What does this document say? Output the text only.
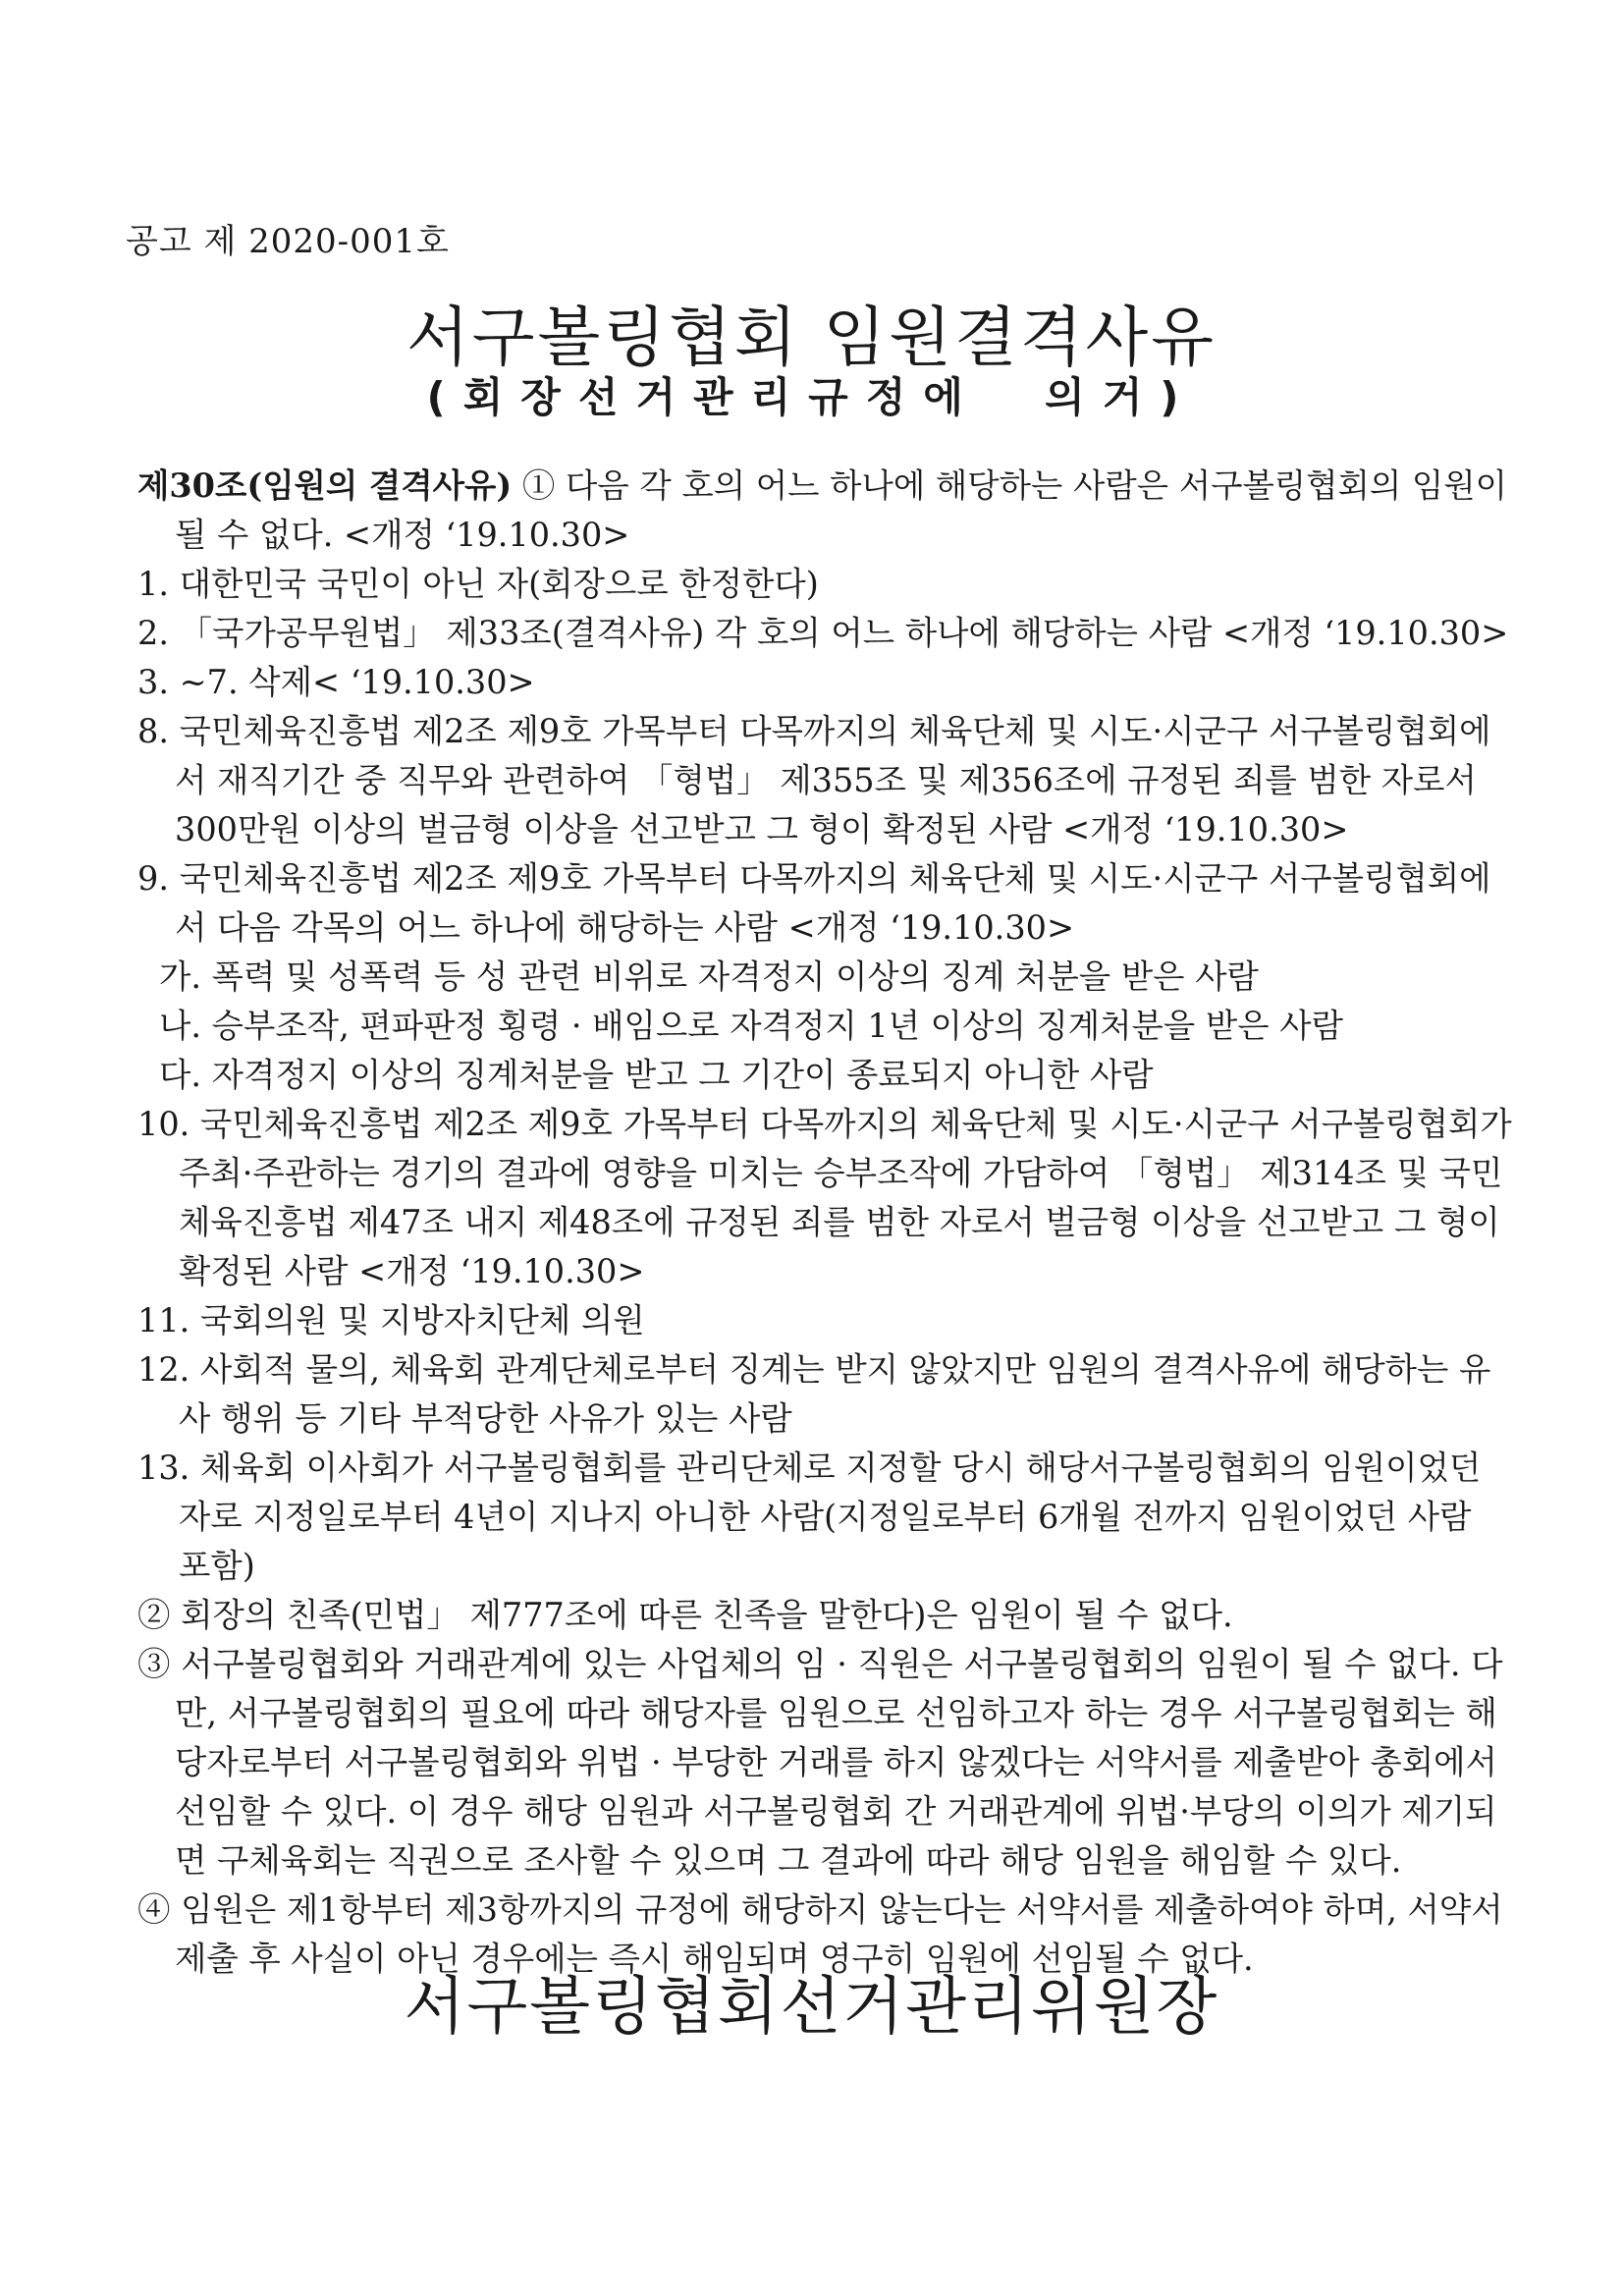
공고 제 2020-001호
서구볼링협회 임원결격사유
(회장선거관리규정에  의거)

제30조(임원의 결격사유) ① 다음 각 호의 어느 하나에 해당하는 사람은 서구볼링협회의 임원이 될 수 없다. <개정 ‘19.10.30>

1. 대한민국 국민이 아닌 자(회장으로 한정한다)

2. 「국가공무원법」 제33조(결격사유) 각 호의 어느 하나에 해당하는 사람 <개정 ‘19.10.30>

3. ~7. 삭제< ‘19.10.30>

8. 국민체육진흥법 제2조 제9호 가목부터 다목까지의 체육단체 및 시도·시군구 서구볼링협회에서 재직기간 중 직무와 관련하여 「형법」 제355조 및 제356조에 규정된 죄를 범한 자로서 300만원 이상의 벌금형 이상을 선고받고 그 형이 확정된 사람 <개정 ‘19.10.30>

9. 국민체육진흥법 제2조 제9호 가목부터 다목까지의 체육단체 및 시도·시군구 서구볼링협회에서 다음 각목의 어느 하나에 해당하는 사람 <개정 ‘19.10.30>

가. 폭력 및 성폭력 등 성 관련 비위로 자격정지 이상의 징계 처분을 받은 사람

나. 승부조작, 편파판정 횡령 · 배임으로 자격정지 1년 이상의 징계처분을 받은 사람

다. 자격정지 이상의 징계처분을 받고 그 기간이 종료되지 아니한 사람

10. 국민체육진흥법 제2조 제9호 가목부터 다목까지의 체육단체 및 시도·시군구 서구볼링협회가 주최·주관하는 경기의 결과에 영향을 미치는 승부조작에 가담하여 「형법」 제314조 및 국민체육진흥법 제47조 내지 제48조에 규정된 죄를 범한 자로서 벌금형 이상을 선고받고 그 형이 확정된 사람 <개정 ‘19.10.30>

11. 국회의원 및 지방자치단체 의원

12. 사회적 물의, 체육회 관계단체로부터 징계는 받지 않았지만 임원의 결격사유에 해당하는 유사 행위 등 기타 부적당한 사유가 있는 사람

13. 체육회 이사회가 서구볼링협회를 관리단체로 지정할 당시 해당서구볼링협회의 임원이었던 자로 지정일로부터 4년이 지나지 아니한 사람(지정일로부터 6개월 전까지 임원이었던 사람 포함)

② 회장의 친족(민법」 제777조에 따른 친족을 말한다)은 임원이 될 수 없다.

③ 서구볼링협회와 거래관계에 있는 사업체의 임 · 직원은 서구볼링협회의 임원이 될 수 없다. 다만, 서구볼링협회의 필요에 따라 해당자를 임원으로 선임하고자 하는 경우 서구볼링협회는 해당자로부터 서구볼링협회와 위법 · 부당한 거래를 하지 않겠다는 서약서를 제출받아 총회에서 선임할 수 있다. 이 경우 해당 임원과 서구볼링협회 간 거래관계에 위법·부당의 이의가 제기되면 구체육회는 직권으로 조사할 수 있으며 그 결과에 따라 해당 임원을 해임할 수 있다.

④ 임원은 제1항부터 제3항까지의 규정에 해당하지 않는다는 서약서를 제출하여야 하며, 서약서 제출 후 사실이 아닌 경우에는 즉시 해임되며 영구히 임원에 선임될 수 없다.

서구볼링협회선거관리위원장
